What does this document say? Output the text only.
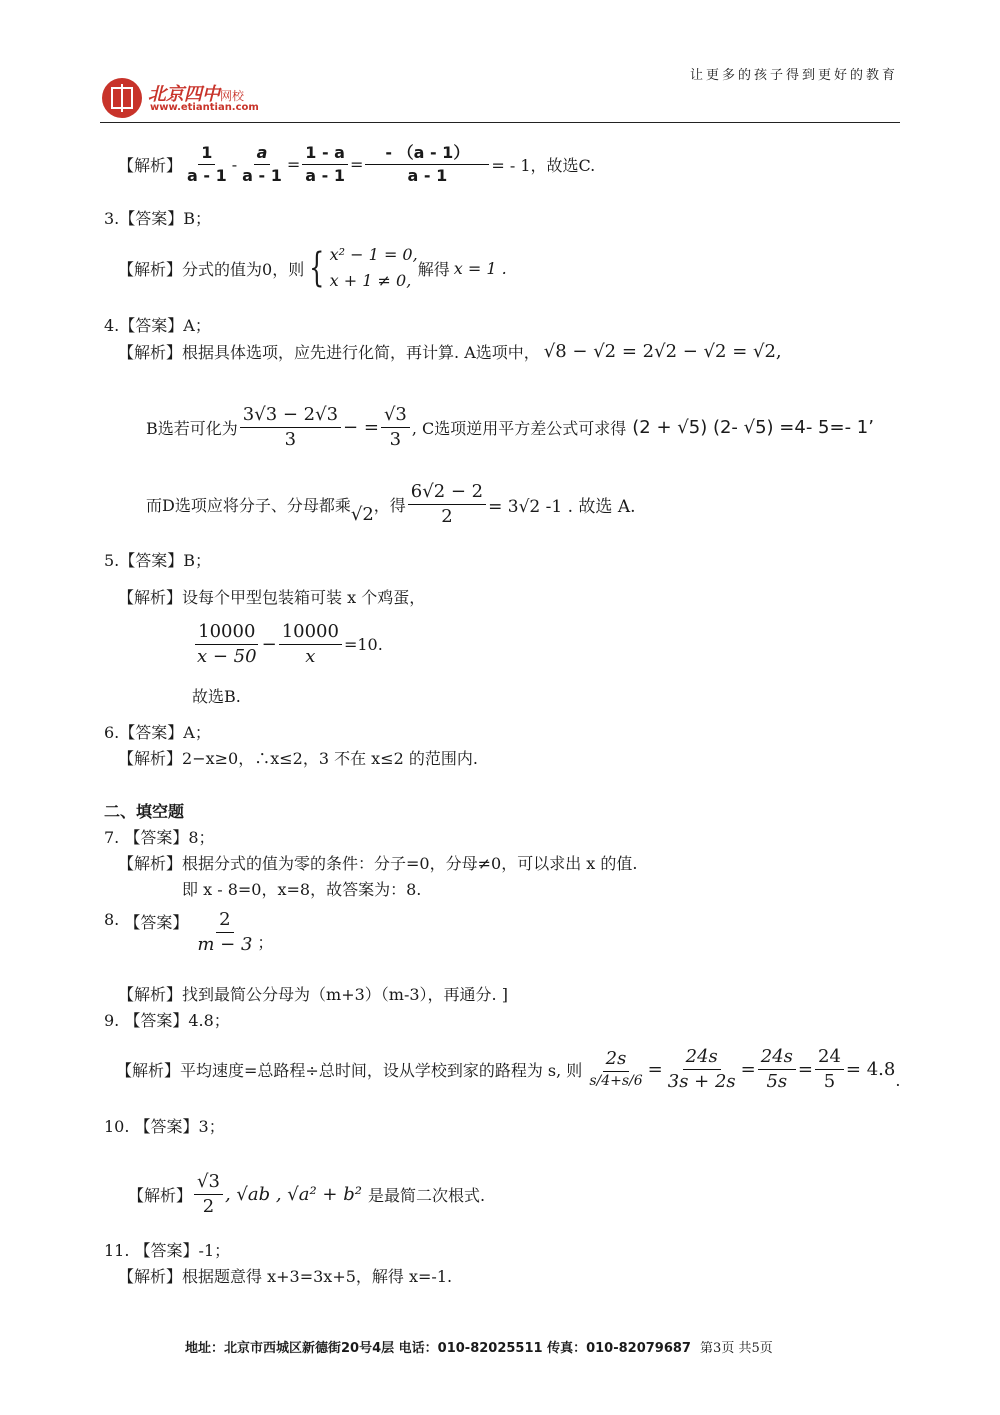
北京四中网校
www.etiantian.com
让更多的孩子得到更好的教育
【解析】 $\frac{1}{a - 1} - \frac{a}{a - 1} = \frac{1 - a}{a - 1} = \frac{- (a - 1)}{a - 1}$ = - 1，故选C.
3.【答案】B；
【解析】 分式的值为0，则 { x² − 1 = 0,
x + 1 ≠ 0,
解得 x = 1 .
4.【答案】A；
【解析】 根据具体选项，应先进行化简，再计算. A选项中， √8 − √2 = 2√2 − √2 = √2,
B选若可化为 $\frac{3√3 - 2√3}{3}$ − = $\frac{√3}{3}$ , C选项逆用平方差公式可求得 (2 + √5) (2- √5) =4- 5=- 1’
而D选项应将分子、分母都乘 √2 ，得 $\frac{6√2 - 2}{2} = 3√2$ -1 . 故选 A.
5.【答案】B；
【解析】设每个甲型包装箱可装 x 个鸡蛋，
$\frac{10000}{x - 50} - \frac{10000}{x} =10$.
故选B.
6.【答案】A；
【解析】2−x≥0，∴x≤2，3 不在 x≤2 的范围内.
二、填空题
7. 【答案】8；
【解析】根据分式的值为零的条件：分子=0，分母≠0，可以求出 x 的值.
即 x - 8=0，x=8，故答案为：8.
8.
【答案】 $\frac{2}{m - 3}$ ；
【解析】找到最简公分母为（m+3）（m-3），再通分. ]
9. 【答案】4.8；
【解析】 平均速度=总路程÷总时间，设从学校到家的路程为 s, 则 $\frac{2s}{s/4 + s/6} = \frac{24s}{3s + 2s} = \frac{24s}{5s} = \frac{24}{5} = 4.8$
.
10. 【答案】3；
【解析】 $\frac{√3}{2}$ , √ab , √a² + b² 是最简二次根式.
11. 【答案】-1；
【解析】根据题意得 x+3=3x+5，解得 x=-1.
地址：北京市西城区新德街20号4层 电话：010-82025511 传真：010-82079687 第3页 共5页
